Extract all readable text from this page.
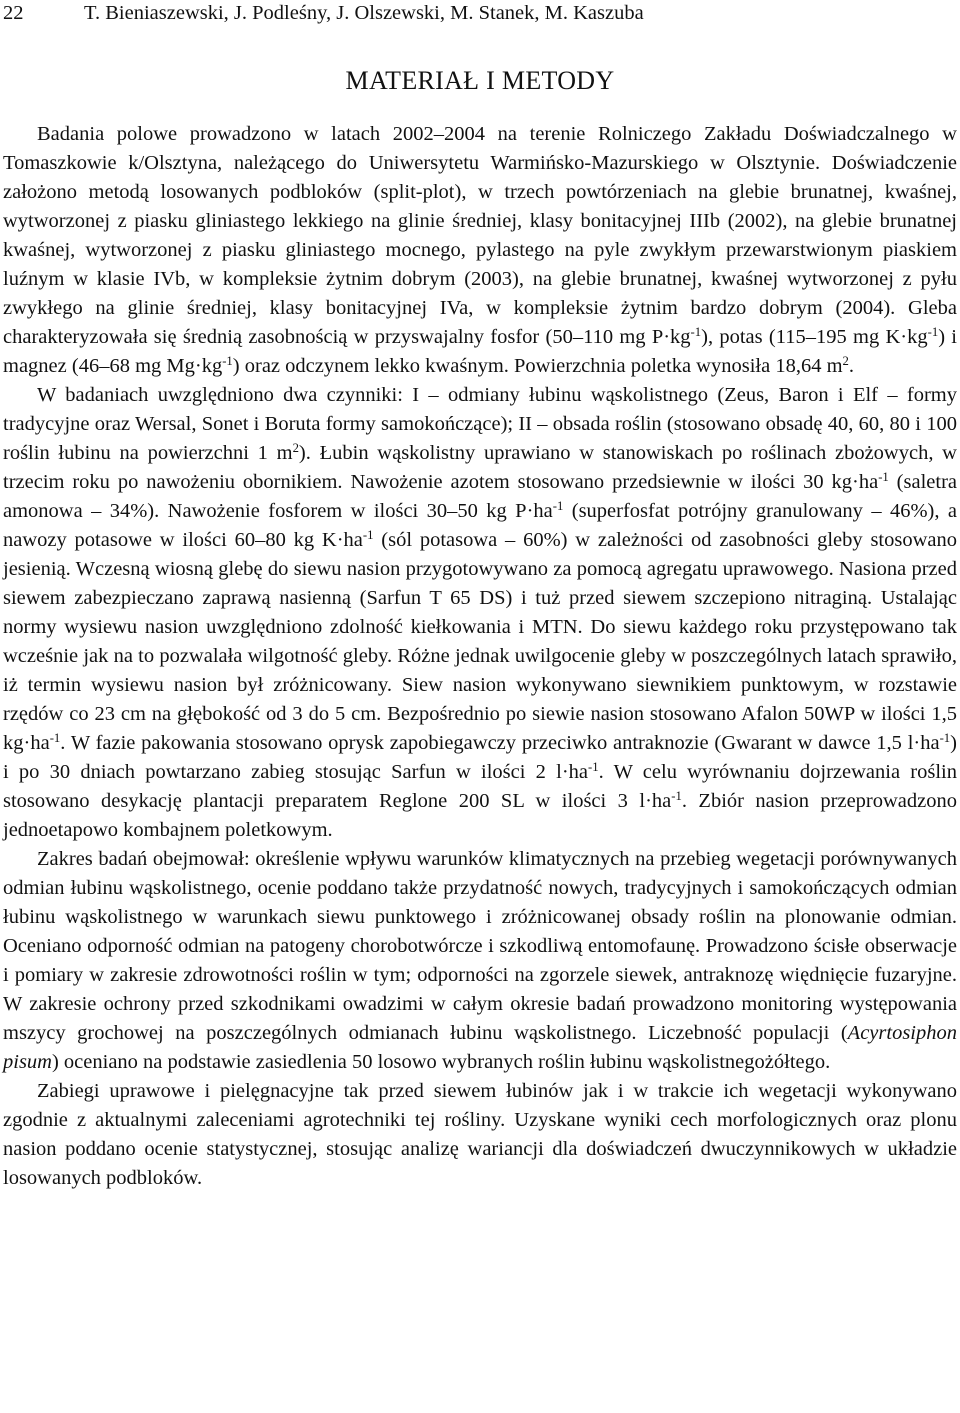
22	T. Bieniaszewski, J. Podleśny, J. Olszewski, M. Stanek, M. Kaszuba
MATERIAŁ I METODY

Badania polowe prowadzono w latach 2002–2004 na terenie Rolniczego Zakładu Doświadczalnego w Tomaszkowie k/Olsztyna, należącego do Uniwersytetu Warmińsko-Mazurskiego w Olsztynie. Doświadczenie założono metodą losowanych podbloków (split-plot), w trzech powtórzeniach na glebie brunatnej, kwaśnej, wytworzonej z piasku gliniastego lekkiego na glinie średniej, klasy bonitacyjnej IIIb (2002), na glebie brunatnej kwaśnej, wytworzonej z piasku gliniastego mocnego, pylastego na pyle zwykłym przewarstwionym piaskiem luźnym w klasie IVb, w kompleksie żytnim dobrym (2003), na glebie brunatnej, kwaśnej wytworzonej z pyłu zwykłego na glinie średniej, klasy bonitacyjnej IVa, w kompleksie żytnim bardzo dobrym (2004). Gleba charakteryzowała się średnią zasobnością w przyswajalny fosfor (50–110 mg $P\cdot kg^{-1}$), potas (115–195 mg $K\cdot kg^{-1}$) i magnez (46–68 mg $Mg\cdot kg^{-1}$) oraz odczynem lekko kwaśnym. Powierzchnia poletka wynosiła 18,64 $m^2$.

W badaniach uwzględniono dwa czynniki: I – odmiany łubinu wąskolistnego (Zeus, Baron i Elf – formy tradycyjne oraz Wersal, Sonet i Boruta formy samokończące); II – obsada roślin (stosowano obsadę 40, 60, 80 i 100 roślin łubinu na powierzchni 1 $m^2$). Łubin wąskolistny uprawiano w stanowiskach po roślinach zbożowych, w trzecim roku po nawożeniu obornikiem. Nawożenie azotem stosowano przedsiewnie w ilości 30 $kg\cdot ha^{-1}$ (saletra amonowa – 34%). Nawożenie fosforem w ilości 30–50 kg $P\cdot ha^{-1}$ (superfosfat potrójny granulowany – 46%), a nawozy potasowe w ilości 60–80 kg $K\cdot ha^{-1}$ (sól potasowa – 60%) w zależności od zasobności gleby stosowano jesienią. Wczesną wiosną glebę do siewu nasion przygotowywano za pomocą agregatu uprawowego. Nasiona przed siewem zabezpieczano zaprawą nasienną (Sarfun T 65 DS) i tuż przed siewem szczepiono nitraginą. Ustalając normy wysiewu nasion uwzględniono zdolność kiełkowania i MTN. Do siewu każdego roku przystępowano tak wcześnie jak na to pozwalała wilgotność gleby. Różne jednak uwilgocenie gleby w poszczególnych latach sprawiło, iż termin wysiewu nasion był zróżnicowany. Siew nasion wykonywano siewnikiem punktowym, w rozstawie rzędów co 23 cm na głębokość od 3 do 5 cm. Bezpośrednio po siewie nasion stosowano Afalon 50WP w ilości 1,5 $kg\cdot ha^{-1}$. W fazie pakowania stosowano oprysk zapobiegawczy przeciwko antraknozie (Gwarant w dawce 1,5 $l\cdot ha^{-1}$) i po 30 dniach powtarzano zabieg stosując Sarfun w ilości 2 $l\cdot ha^{-1}$. W celu wyrównaniu dojrzewania roślin stosowano desykację plantacji preparatem Reglone 200 SL w ilości 3 $l\cdot ha^{-1}$. Zbiór nasion przeprowadzono jednoetapowo kombajnem poletkowym.

Zakres badań obejmował: określenie wpływu warunków klimatycznych na przebieg wegetacji porównywanych odmian łubinu wąskolistnego, ocenie poddano także przydatność nowych, tradycyjnych i samokończących odmian łubinu wąskolistnego w warunkach siewu punktowego i zróżnicowanej obsady roślin na plonowanie odmian. Oceniano odporność odmian na patogeny chorobotwórcze i szkodliwą entomofaunę. Prowadzono ścisłe obserwacje i pomiary w zakresie zdrowotności roślin w tym; odporności na zgorzele siewek, antraknozę więdnięcie fuzaryjne. W zakresie ochrony przed szkodnikami owadzimi w całym okresie badań prowadzono monitoring występowania mszycy grochowej na poszczególnych odmianach łubinu wąskolistnego. Liczebność populacji (Acyrtosiphon pisum) oceniano na podstawie zasiedlenia 50 losowo wybranych roślin łubinu wąskolistnegożółtego.

Zabiegi uprawowe i pielęgnacyjne tak przed siewem łubinów jak i w trakcie ich wegetacji wykonywano zgodnie z aktualnymi zaleceniami agrotechniki tej rośliny. Uzyskane wyniki cech morfologicznych oraz plonu nasion poddano ocenie statystycznej, stosując analizę wariancji dla doświadczeń dwuczynnikowych w układzie losowanych podbloków.
